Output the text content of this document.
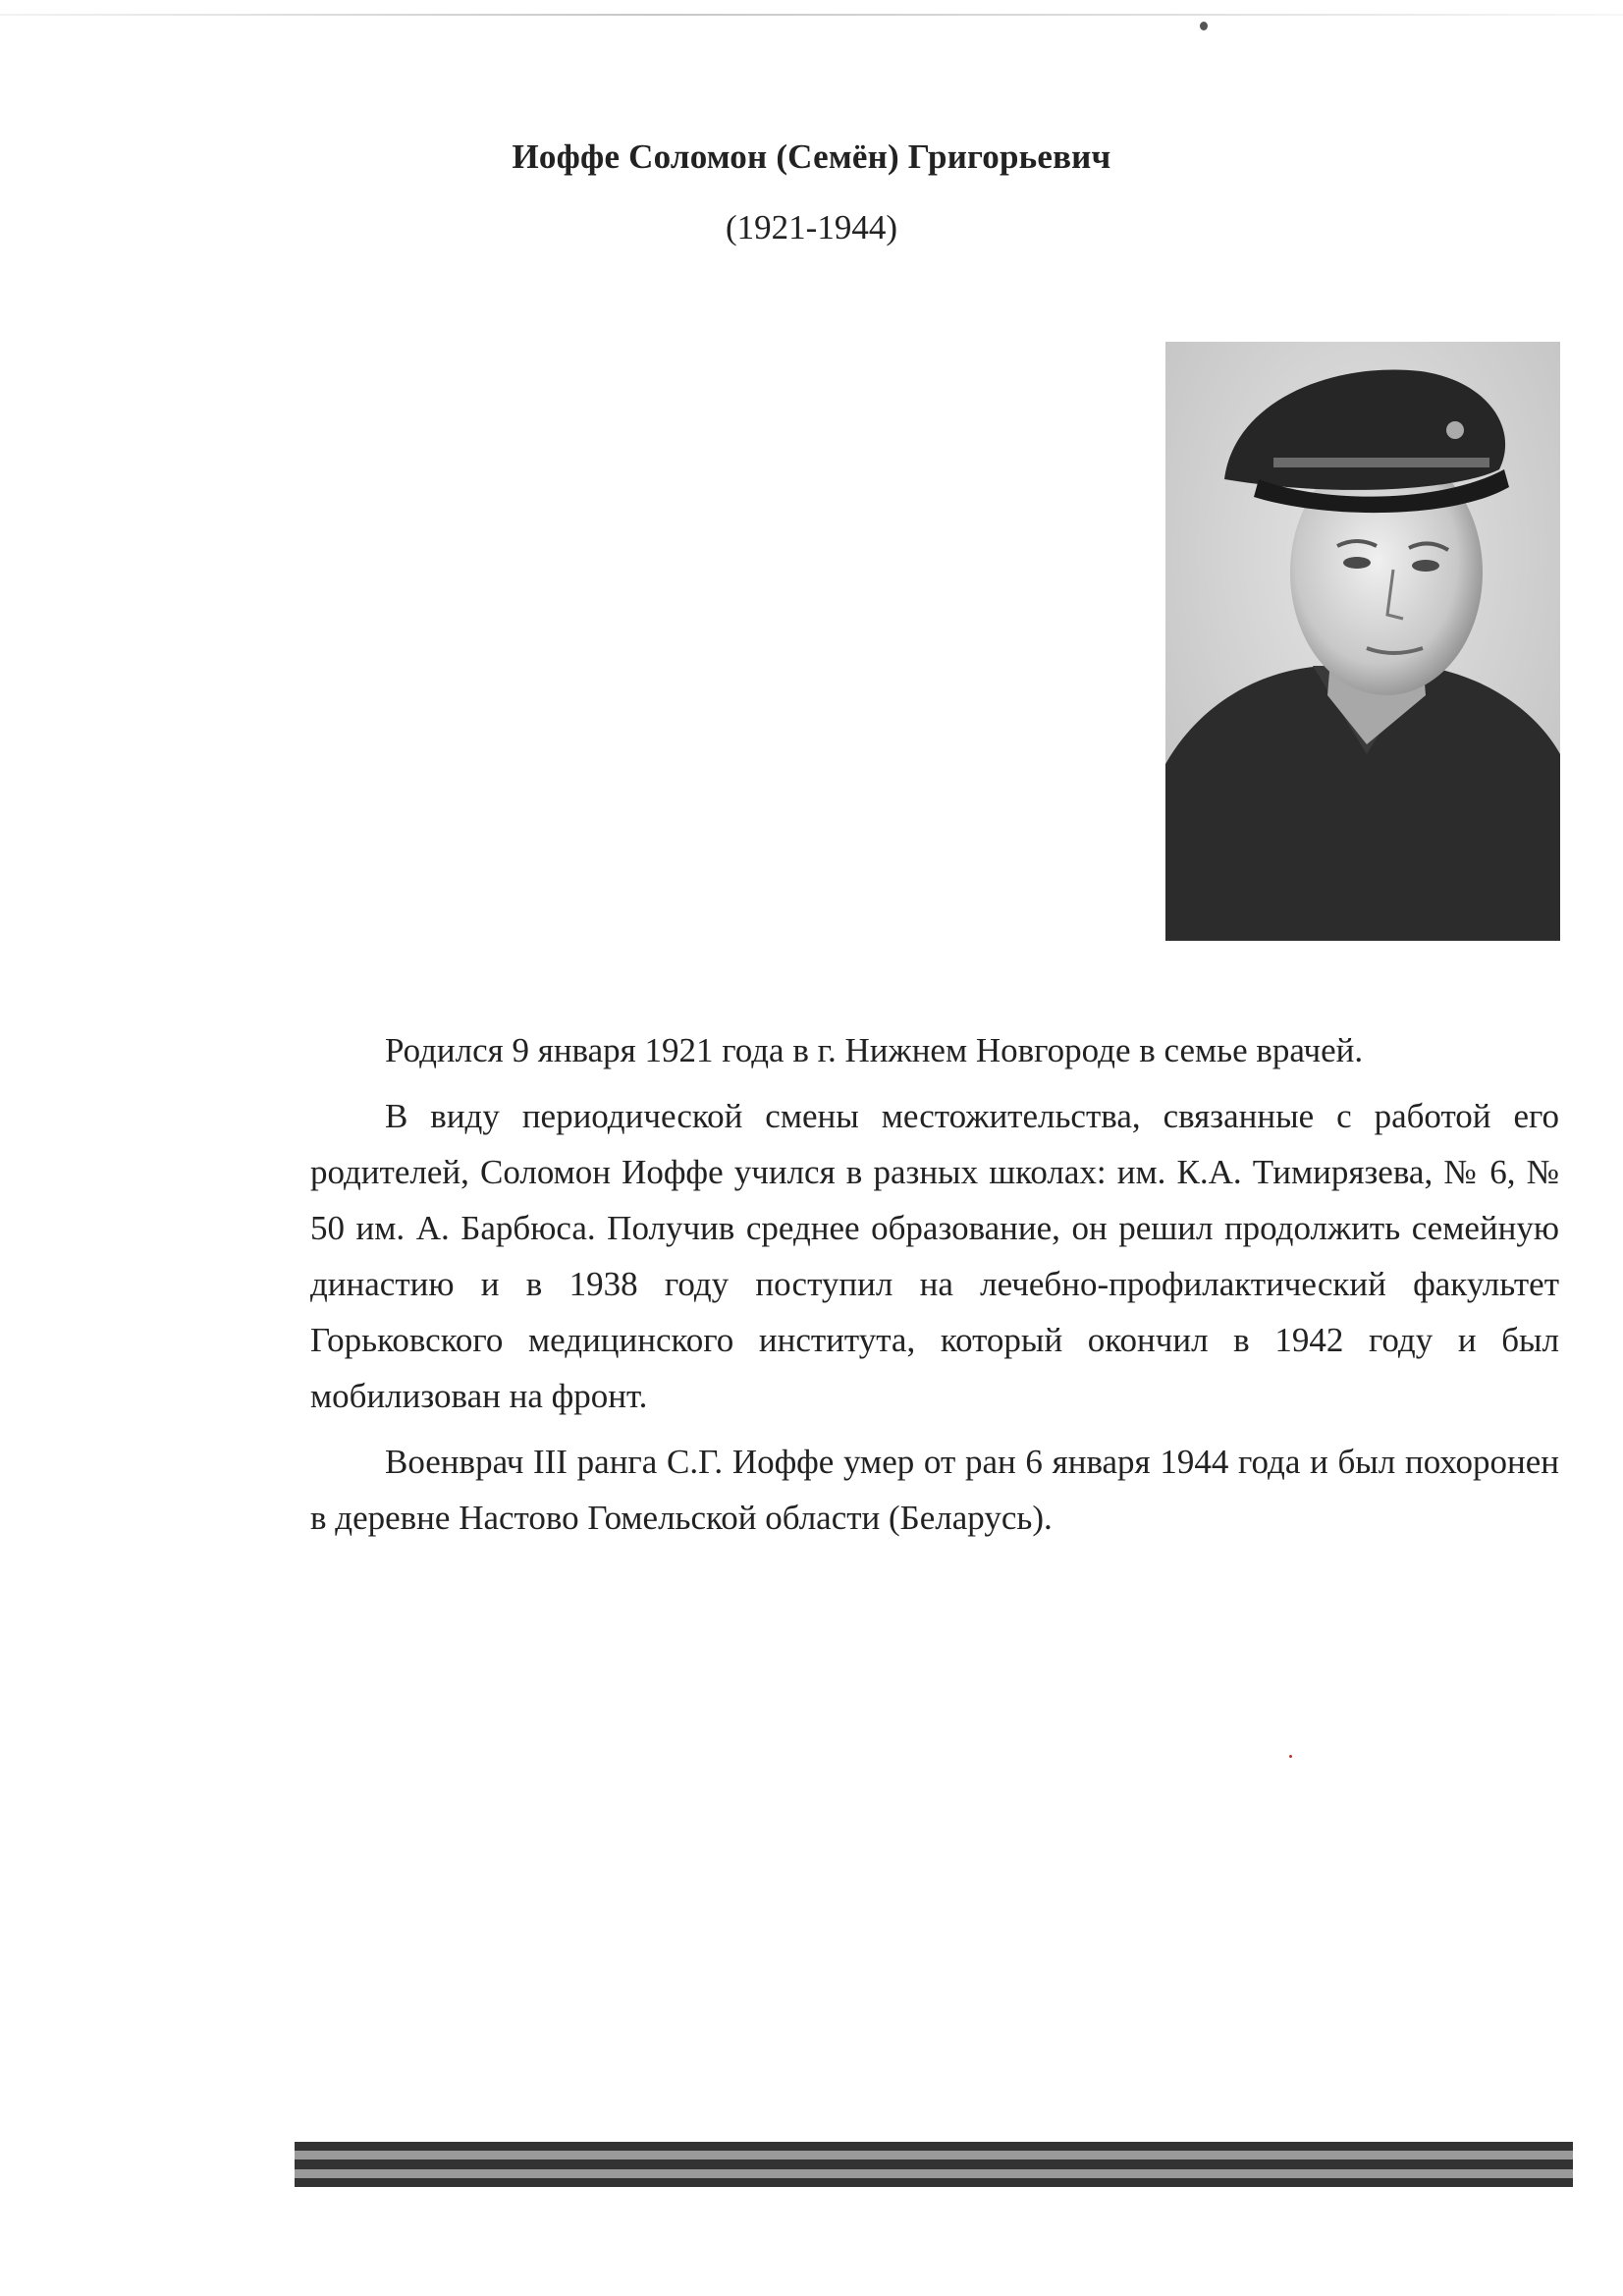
Иоффе Соломон (Семён) Григорьевич
(1921-1944)

Родился 9 января 1921 года в г. Нижнем Новгороде в семье врачей.

В виду периодической смены местожительства, связанные с работой его родителей, Соломон Иоффе учился в разных школах: им. К.А. Тимирязева, № 6, № 50 им. А. Барбюса. Получив среднее образование, он решил продолжить семейную династию и в 1938 году поступил на лечебно-профилактический факультет Горьковского медицинского института, который окончил в 1942 году и был мобилизован на фронт.

Военврач III ранга С.Г. Иоффе умер от ран 6 января 1944 года и был похоронен в деревне Настово Гомельской области (Беларусь).
